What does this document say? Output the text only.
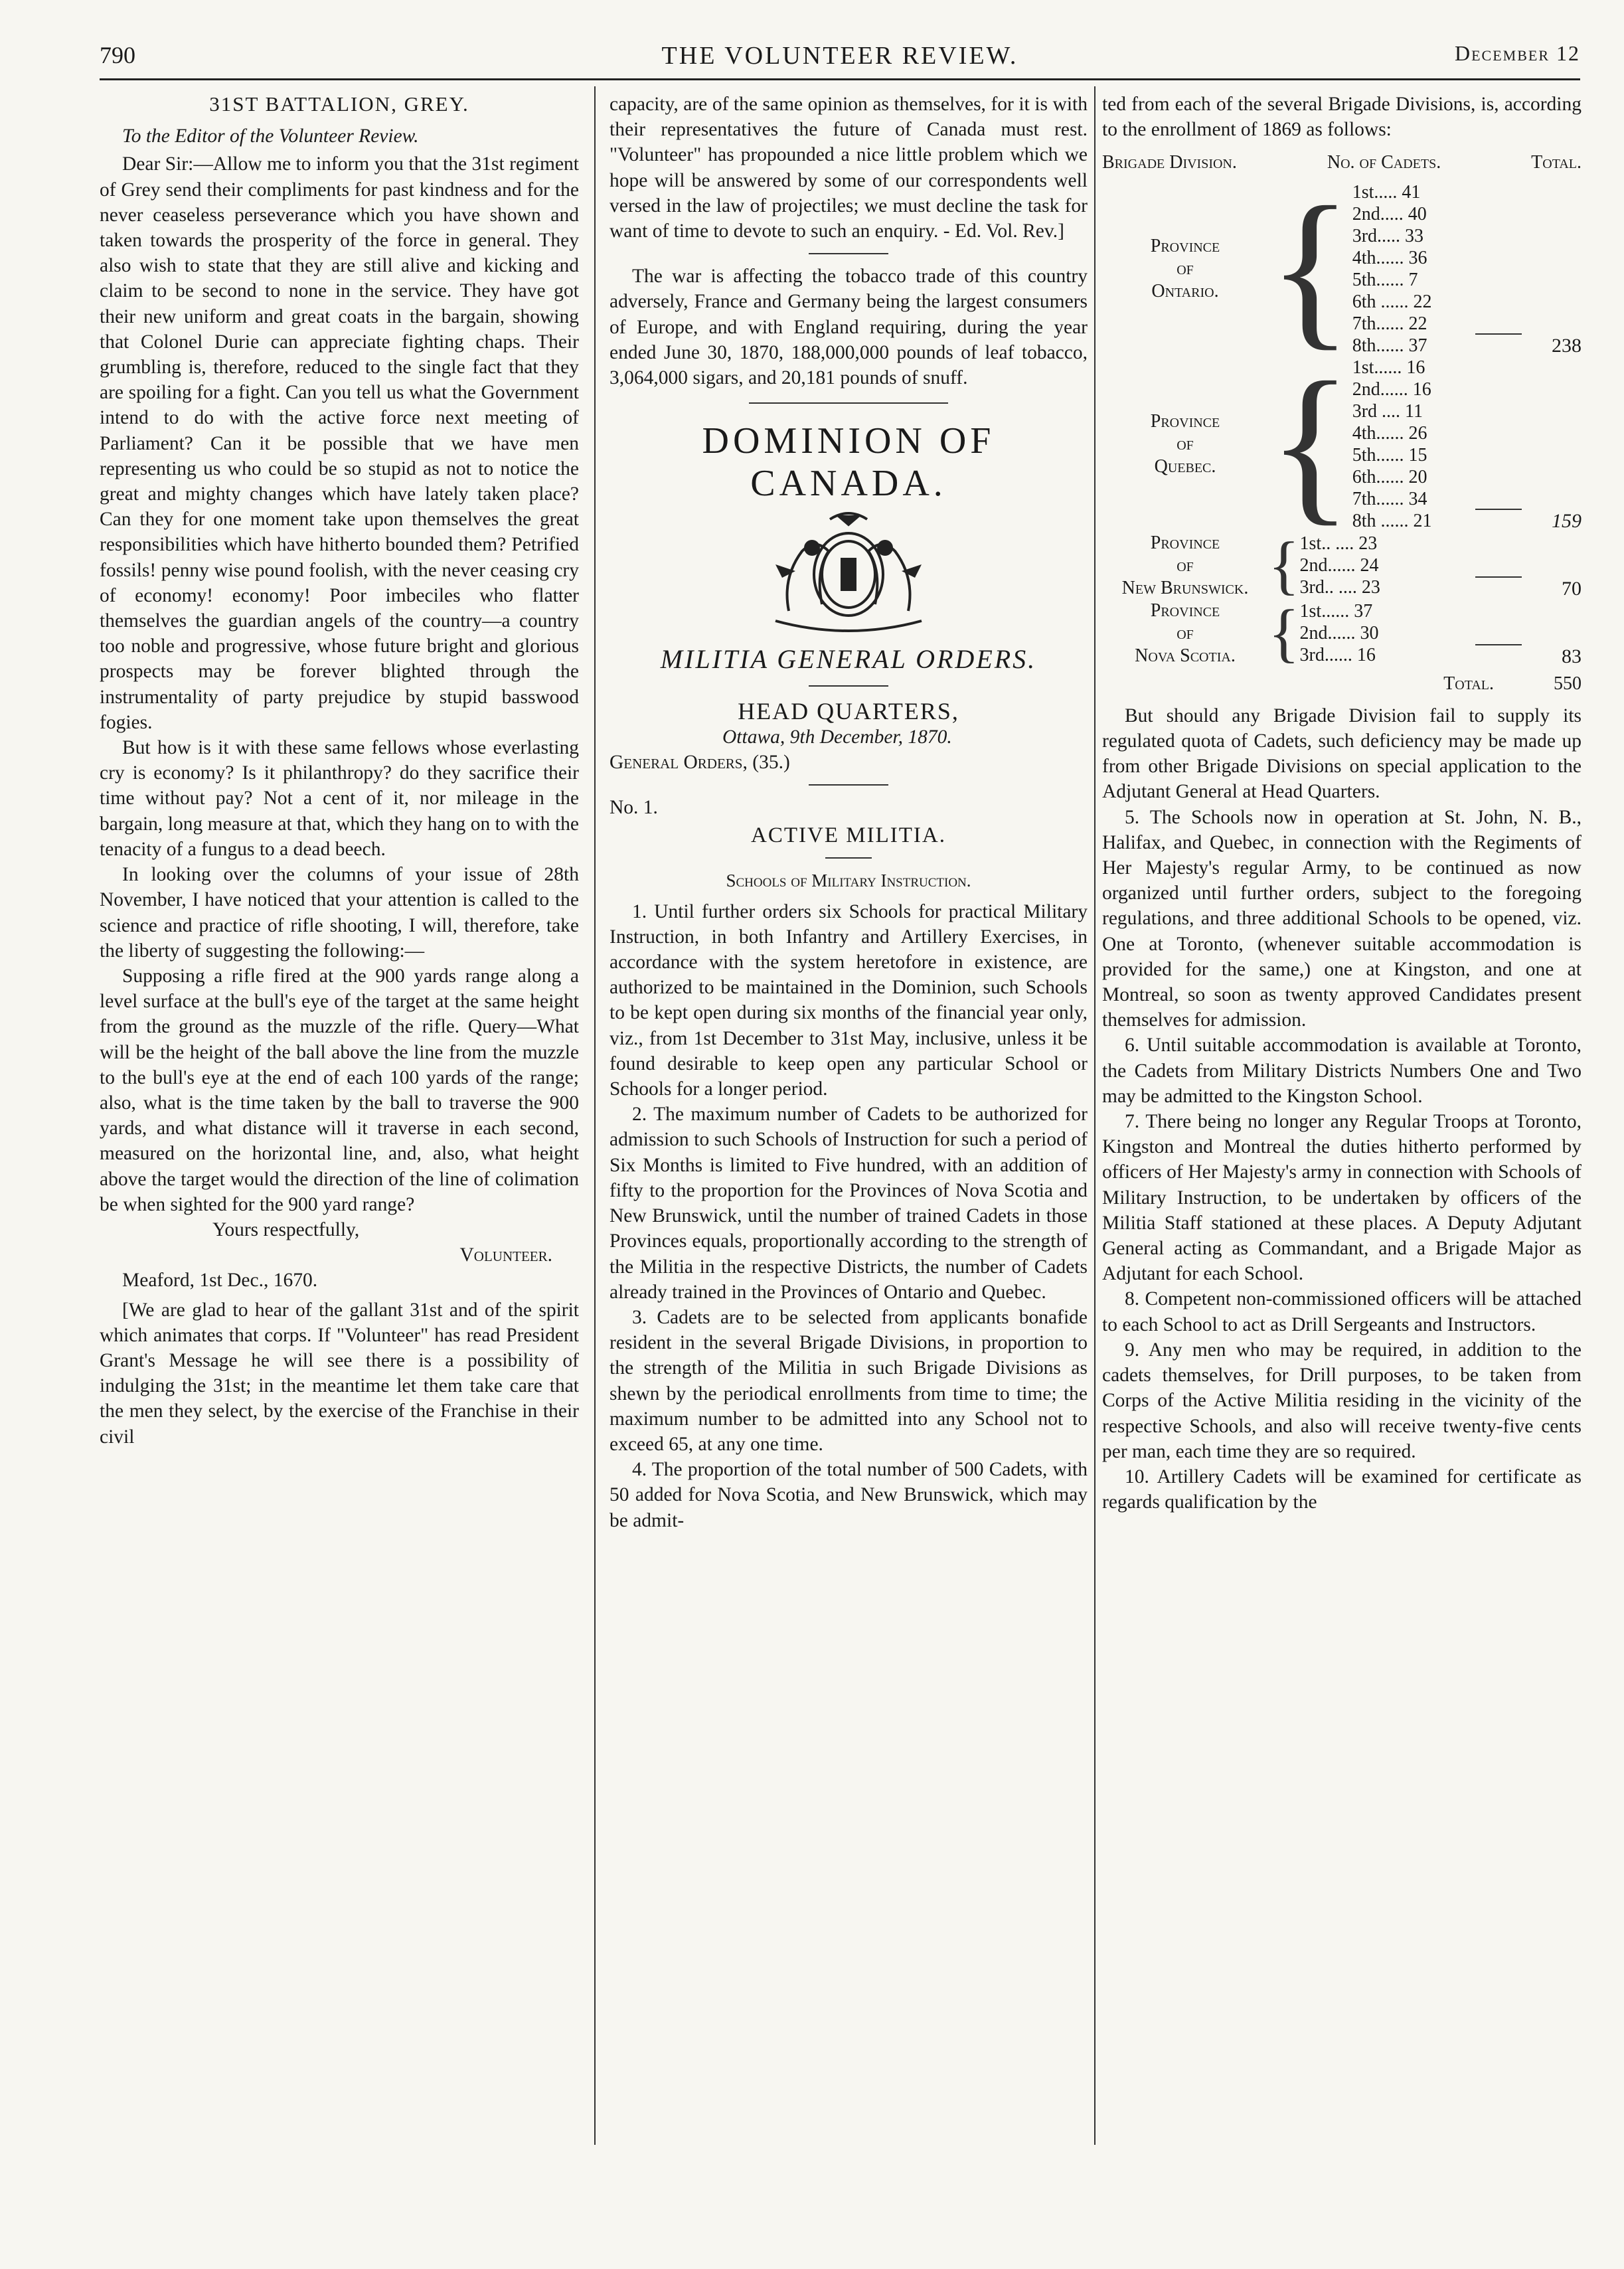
790	THE VOLUNTEER REVIEW.	December 12
31ST BATTALION, GREY.

To the Editor of the Volunteer Review.

Dear Sir:—Allow me to inform you that the 31st regiment of Grey send their compliments for past kindness and for the never ceaseless perseverance which you have shown and taken towards the prosperity of the force in general. They also wish to state that they are still alive and kicking and claim to be second to none in the service. They have got their new uniform and great coats in the bargain, showing that Colonel Durie can appreciate fighting chaps. Their grumbling is, therefore, reduced to the single fact that they are spoiling for a fight. Can you tell us what the Government intend to do with the active force next meeting of Parliament? Can it be possible that we have men representing us who could be so stupid as not to notice the great and mighty changes which have lately taken place? Can they for one moment take upon themselves the great responsibilities which have hitherto bounded them? Petrified fossils! penny wise pound foolish, with the never ceasing cry of economy! economy! Poor imbeciles who flatter themselves the guardian angels of the country—a country too noble and progressive, whose future bright and glorious prospects may be forever blighted through the instrumentality of party prejudice by stupid basswood fogies.

But how is it with these same fellows whose everlasting cry is economy? Is it philanthropy? do they sacrifice their time without pay? Not a cent of it, nor mileage in the bargain, long measure at that, which they hang on to with the tenacity of a fungus to a dead beech.

In looking over the columns of your issue of 28th November, I have noticed that your attention is called to the science and practice of rifle shooting, I will, therefore, take the liberty of suggesting the following:—

Supposing a rifle fired at the 900 yards range along a level surface at the bull's eye of the target at the same height from the ground as the muzzle of the rifle. Query—What will be the height of the ball above the line from the muzzle to the bull's eye at the end of each 100 yards of the range; also, what is the time taken by the ball to traverse the 900 yards, and what distance will it traverse in each second, measured on the horizontal line, and, also, what height above the target would the direction of the line of colimation be when sighted for the 900 yard range?

Yours respectfully,

Volunteer.

Meaford, 1st Dec., 1670.

[We are glad to hear of the gallant 31st and of the spirit which animates that corps. If "Volunteer" has read President Grant's Message he will see there is a possibility of indulging the 31st; in the meantime let them take care that the men they select, by the exercise of the Franchise in their civil

capacity, are of the same opinion as themselves, for it is with their representatives the future of Canada must rest. "Volunteer" has propounded a nice little problem which we hope will be answered by some of our correspondents well versed in the law of projectiles; we must decline the task for want of time to devote to such an enquiry. - Ed. Vol. Rev.]

The war is affecting the tobacco trade of this country adversely, France and Germany being the largest consumers of Europe, and with England requiring, during the year ended June 30, 1870, 188,000,000 pounds of leaf tobacco, 3,064,000 sigars, and 20,181 pounds of snuff.

DOMINION OF CANADA.
MILITIA GENERAL ORDERS.
HEAD QUARTERS,

Ottawa, 9th December, 1870.

General Orders, (35.)

No. 1.

ACTIVE MILITIA.
Schools of Military Instruction.

1. Until further orders six Schools for practical Military Instruction, in both Infantry and Artillery Exercises, in accordance with the system heretofore in existence, are authorized to be maintained in the Dominion, such Schools to be kept open during six months of the financial year only, viz., from 1st December to 31st May, inclusive, unless it be found desirable to keep open any particular School or Schools for a longer period.

2. The maximum number of Cadets to be authorized for admission to such Schools of Instruction for such a period of Six Months is limited to Five hundred, with an addition of fifty to the proportion for the Provinces of Nova Scotia and New Brunswick, until the number of trained Cadets in those Provinces equals, proportionally according to the strength of the Militia in the respective Districts, the number of Cadets already trained in the Provinces of Ontario and Quebec.

3. Cadets are to be selected from applicants bonafide resident in the several Brigade Divisions, in proportion to the strength of the Militia in such Brigade Divisions as shewn by the periodical enrollments from time to time; the maximum number to be admitted into any School not to exceed 65, at any one time.

4. The proportion of the total number of 500 Cadets, with 50 added for Nova Scotia, and New Brunswick, which may be admit-

ted from each of the several Brigade Divisions, is, according to the enrollment of 1869 as follows:

Brigade Division.	No. of Cadets.	Total.
Province
of
Ontario.	{	1st..... 41
2nd..... 40
3rd..... 33
4th...... 36
5th...... 7
6th ...... 22
7th...... 22
8th...... 37	238
Province
of
Quebec.	{	1st...... 16
2nd...... 16
3rd .... 11
4th...... 26
5th...... 15
6th...... 20
7th...... 34
8th ...... 21	159
Province
of
New Brunswick.	{	1st.. .... 23
2nd...... 24
3rd.. .... 23	70
Province
of
Nova Scotia.	{	1st...... 37
2nd...... 30
3rd...... 16	83
Total.	550

But should any Brigade Division fail to supply its regulated quota of Cadets, such deficiency may be made up from other Brigade Divisions on special application to the Adjutant General at Head Quarters.

5. The Schools now in operation at St. John, N. B., Halifax, and Quebec, in connection with the Regiments of Her Majesty's regular Army, to be continued as now organized until further orders, subject to the foregoing regulations, and three additional Schools to be opened, viz. One at Toronto, (whenever suitable accommodation is provided for the same,) one at Kingston, and one at Montreal, so soon as twenty approved Candidates present themselves for admission.

6. Until suitable accommodation is available at Toronto, the Cadets from Military Districts Numbers One and Two may be admitted to the Kingston School.

7. There being no longer any Regular Troops at Toronto, Kingston and Montreal the duties hitherto performed by officers of Her Majesty's army in connection with Schools of Military Instruction, to be undertaken by officers of the Militia Staff stationed at these places. A Deputy Adjutant General acting as Commandant, and a Brigade Major as Adjutant for each School.

8. Competent non-commissioned officers will be attached to each School to act as Drill Sergeants and Instructors.

9. Any men who may be required, in addition to the cadets themselves, for Drill purposes, to be taken from Corps of the Active Militia residing in the vicinity of the respective Schools, and also will receive twenty-five cents per man, each time they are so required.

10. Artillery Cadets will be examined for certificate as regards qualification by the
